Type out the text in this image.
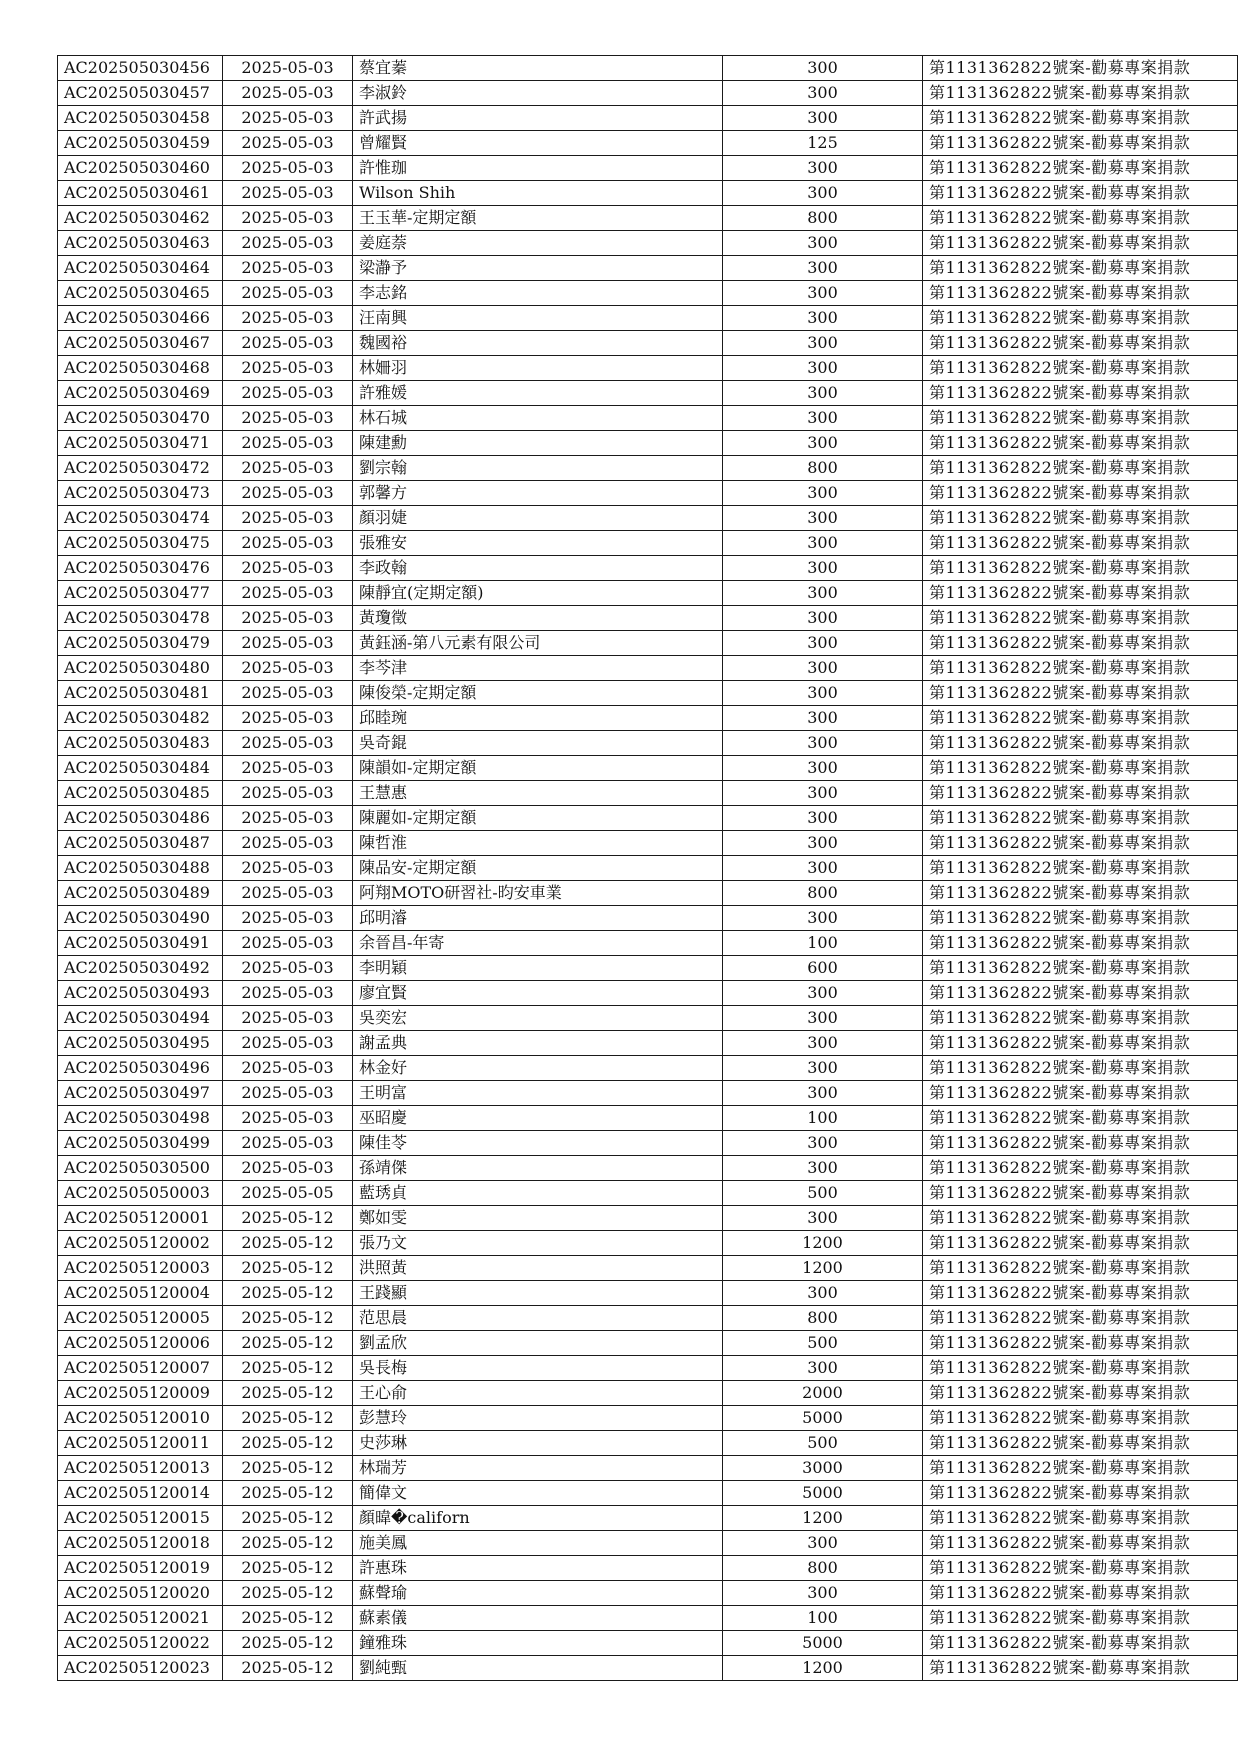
AC202505030456	2025-05-03	蔡宜蓁	300	第1131362822號案-勸募專案捐款
AC202505030457	2025-05-03	李淑鈴	300	第1131362822號案-勸募專案捐款
AC202505030458	2025-05-03	許武揚	300	第1131362822號案-勸募專案捐款
AC202505030459	2025-05-03	曾耀賢	125	第1131362822號案-勸募專案捐款
AC202505030460	2025-05-03	許惟珈	300	第1131362822號案-勸募專案捐款
AC202505030461	2025-05-03	Wilson Shih	300	第1131362822號案-勸募專案捐款
AC202505030462	2025-05-03	王玉華-定期定額	800	第1131362822號案-勸募專案捐款
AC202505030463	2025-05-03	姜庭萘	300	第1131362822號案-勸募專案捐款
AC202505030464	2025-05-03	梁瀞予	300	第1131362822號案-勸募專案捐款
AC202505030465	2025-05-03	李志銘	300	第1131362822號案-勸募專案捐款
AC202505030466	2025-05-03	汪南興	300	第1131362822號案-勸募專案捐款
AC202505030467	2025-05-03	魏國裕	300	第1131362822號案-勸募專案捐款
AC202505030468	2025-05-03	林姍羽	300	第1131362822號案-勸募專案捐款
AC202505030469	2025-05-03	許雅媛	300	第1131362822號案-勸募專案捐款
AC202505030470	2025-05-03	林石城	300	第1131362822號案-勸募專案捐款
AC202505030471	2025-05-03	陳建勳	300	第1131362822號案-勸募專案捐款
AC202505030472	2025-05-03	劉宗翰	800	第1131362822號案-勸募專案捐款
AC202505030473	2025-05-03	郭馨方	300	第1131362822號案-勸募專案捐款
AC202505030474	2025-05-03	顏羽婕	300	第1131362822號案-勸募專案捐款
AC202505030475	2025-05-03	張雅安	300	第1131362822號案-勸募專案捐款
AC202505030476	2025-05-03	李政翰	300	第1131362822號案-勸募專案捐款
AC202505030477	2025-05-03	陳靜宜(定期定額)	300	第1131362822號案-勸募專案捐款
AC202505030478	2025-05-03	黃瓊徵	300	第1131362822號案-勸募專案捐款
AC202505030479	2025-05-03	黃鈺涵-第八元素有限公司	300	第1131362822號案-勸募專案捐款
AC202505030480	2025-05-03	李芩津	300	第1131362822號案-勸募專案捐款
AC202505030481	2025-05-03	陳俊榮-定期定額	300	第1131362822號案-勸募專案捐款
AC202505030482	2025-05-03	邱睦琬	300	第1131362822號案-勸募專案捐款
AC202505030483	2025-05-03	吳奇錕	300	第1131362822號案-勸募專案捐款
AC202505030484	2025-05-03	陳韻如-定期定額	300	第1131362822號案-勸募專案捐款
AC202505030485	2025-05-03	王慧惠	300	第1131362822號案-勸募專案捐款
AC202505030486	2025-05-03	陳麗如-定期定額	300	第1131362822號案-勸募專案捐款
AC202505030487	2025-05-03	陳哲淮	300	第1131362822號案-勸募專案捐款
AC202505030488	2025-05-03	陳品安-定期定額	300	第1131362822號案-勸募專案捐款
AC202505030489	2025-05-03	阿翔MOTO研習社-昀安車業	800	第1131362822號案-勸募專案捐款
AC202505030490	2025-05-03	邱明濬	300	第1131362822號案-勸募專案捐款
AC202505030491	2025-05-03	余晉昌-年寄	100	第1131362822號案-勸募專案捐款
AC202505030492	2025-05-03	李明穎	600	第1131362822號案-勸募專案捐款
AC202505030493	2025-05-03	廖宜賢	300	第1131362822號案-勸募專案捐款
AC202505030494	2025-05-03	吳奕宏	300	第1131362822號案-勸募專案捐款
AC202505030495	2025-05-03	謝孟典	300	第1131362822號案-勸募專案捐款
AC202505030496	2025-05-03	林金好	300	第1131362822號案-勸募專案捐款
AC202505030497	2025-05-03	王明富	300	第1131362822號案-勸募專案捐款
AC202505030498	2025-05-03	巫昭慶	100	第1131362822號案-勸募專案捐款
AC202505030499	2025-05-03	陳佳苓	300	第1131362822號案-勸募專案捐款
AC202505030500	2025-05-03	孫靖傑	300	第1131362822號案-勸募專案捐款
AC202505050003	2025-05-05	藍琇貞	500	第1131362822號案-勸募專案捐款
AC202505120001	2025-05-12	鄭如雯	300	第1131362822號案-勸募專案捐款
AC202505120002	2025-05-12	張乃文	1200	第1131362822號案-勸募專案捐款
AC202505120003	2025-05-12	洪照黃	1200	第1131362822號案-勸募專案捐款
AC202505120004	2025-05-12	王踐顯	300	第1131362822號案-勸募專案捐款
AC202505120005	2025-05-12	范思晨	800	第1131362822號案-勸募專案捐款
AC202505120006	2025-05-12	劉孟欣	500	第1131362822號案-勸募專案捐款
AC202505120007	2025-05-12	吳長梅	300	第1131362822號案-勸募專案捐款
AC202505120009	2025-05-12	王心俞	2000	第1131362822號案-勸募專案捐款
AC202505120010	2025-05-12	彭慧玲	5000	第1131362822號案-勸募專案捐款
AC202505120011	2025-05-12	史莎琳	500	第1131362822號案-勸募專案捐款
AC202505120013	2025-05-12	林瑞芳	3000	第1131362822號案-勸募專案捐款
AC202505120014	2025-05-12	簡偉文	5000	第1131362822號案-勸募專案捐款
AC202505120015	2025-05-12	顏暐�californ	1200	第1131362822號案-勸募專案捐款
AC202505120018	2025-05-12	施美鳳	300	第1131362822號案-勸募專案捐款
AC202505120019	2025-05-12	許惠珠	800	第1131362822號案-勸募專案捐款
AC202505120020	2025-05-12	蘇聲瑜	300	第1131362822號案-勸募專案捐款
AC202505120021	2025-05-12	蘇素儀	100	第1131362822號案-勸募專案捐款
AC202505120022	2025-05-12	鐘雅珠	5000	第1131362822號案-勸募專案捐款
AC202505120023	2025-05-12	劉純甄	1200	第1131362822號案-勸募專案捐款
